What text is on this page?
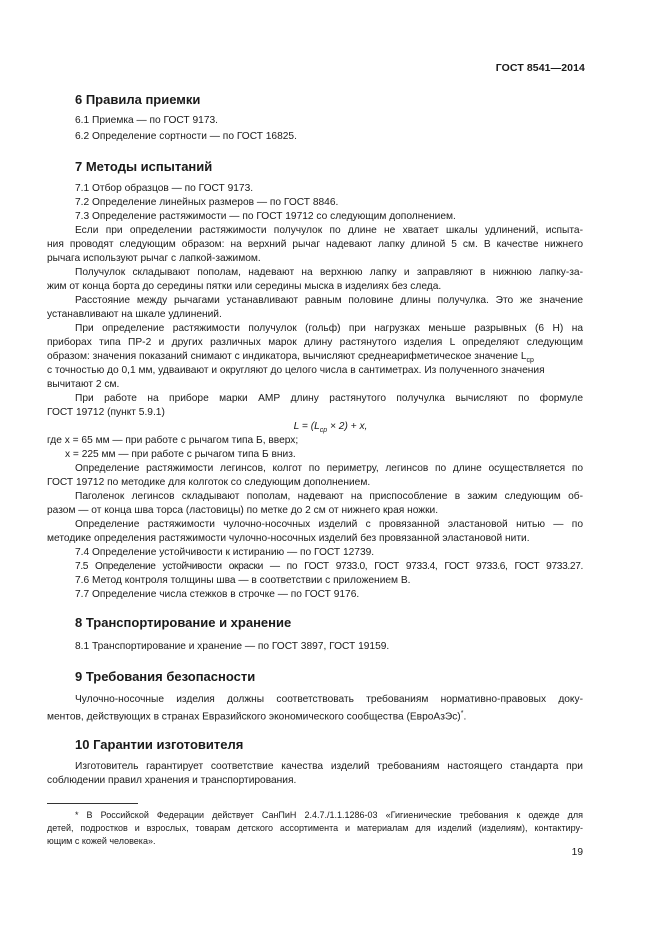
ГОСТ 8541—2014
6 Правила приемки
6.1 Приемка — по ГОСТ 9173.
6.2 Определение сортности — по ГОСТ 16825.
7 Методы испытаний
7.1 Отбор образцов — по ГОСТ 9173.
7.2 Определение линейных размеров — по ГОСТ 8846.
7.3 Определение растяжимости — по ГОСТ 19712 со следующим дополнением.
Если при определении растяжимости получулок по длине не хватает шкалы удлинений, испыта-
ния проводят следующим образом: на верхний рычаг надевают лапку длиной 5 см. В качестве нижнего
рычага используют рычаг с лапкой-зажимом.
Получулок складывают пополам, надевают на верхнюю лапку и заправляют в нижнюю лапку-за-
жим от конца борта до середины пятки или середины мыска в изделиях без следа.
Расстояние между рычагами устанавливают равным половине длины получулка. Это же значение
устанавливают на шкале удлинений.
При определение растяжимости получулок (гольф) при нагрузках меньше разрывных (6 Н) на
приборах типа ПР-2 и других различных марок длину растянутого изделия L определяют следующим
образом: значения показаний снимают с индикатора, вычисляют среднеарифметическое значение $L_{ср}$
с точностью до 0,1 мм, удваивают и округляют до целого числа в сантиметрах. Из полученного значения
вычитают 2 см.
При работе на приборе марки АМР длину растянутого получулка вычисляют по формуле
ГОСТ 19712 (пункт 5.9.1)
$L = (L_{ср} \times 2) + x$,
где x = 65 мм — при работе с рычагом типа Б, вверх;
x = 225 мм — при работе с рычагом типа Б вниз.
Определение растяжимости легинсов, колгот по периметру, легинсов по длине осуществляется по
ГОСТ 19712 по методике для колготок со следующим дополнением.
Паголенок легинсов складывают пополам, надевают на приспособление в зажим следующим об-
разом — от конца шва торса (ластовицы) по метке до 2 см от нижнего края ножки.
Определение растяжимости чулочно-носочных изделий с провязанной эластановой нитью — по
методике определения растяжимости чулочно-носочных изделий без провязанной эластановой нити.
7.4 Определение устойчивости к истиранию — по ГОСТ 12739.
7.5 Определение устойчивости окраски — по ГОСТ 9733.0, ГОСТ 9733.4, ГОСТ 9733.6, ГОСТ 9733.27.
7.6 Метод контроля толщины шва — в соответствии с приложением В.
7.7 Определение числа стежков в строчке — по ГОСТ 9176.
8 Транспортирование и хранение
8.1 Транспортирование и хранение — по ГОСТ 3897, ГОСТ 19159.
9 Требования безопасности
Чулочно-носочные изделия должны соответствовать требованиям нормативно-правовых доку-
ментов, действующих в странах Евразийского экономического сообщества (ЕвроАзЭс)*.
10 Гарантии изготовителя
Изготовитель гарантирует соответствие качества изделий требованиям настоящего стандарта при
соблюдении правил хранения и транспортирования.
* В Российской Федерации действует СанПиН 2.4.7./1.1.1286-03 «Гигиенические требования к одежде для
детей, подростков и взрослых, товарам детского ассортимента и материалам для изделий (изделиям), контактиру-
ющим с кожей человека».
19
